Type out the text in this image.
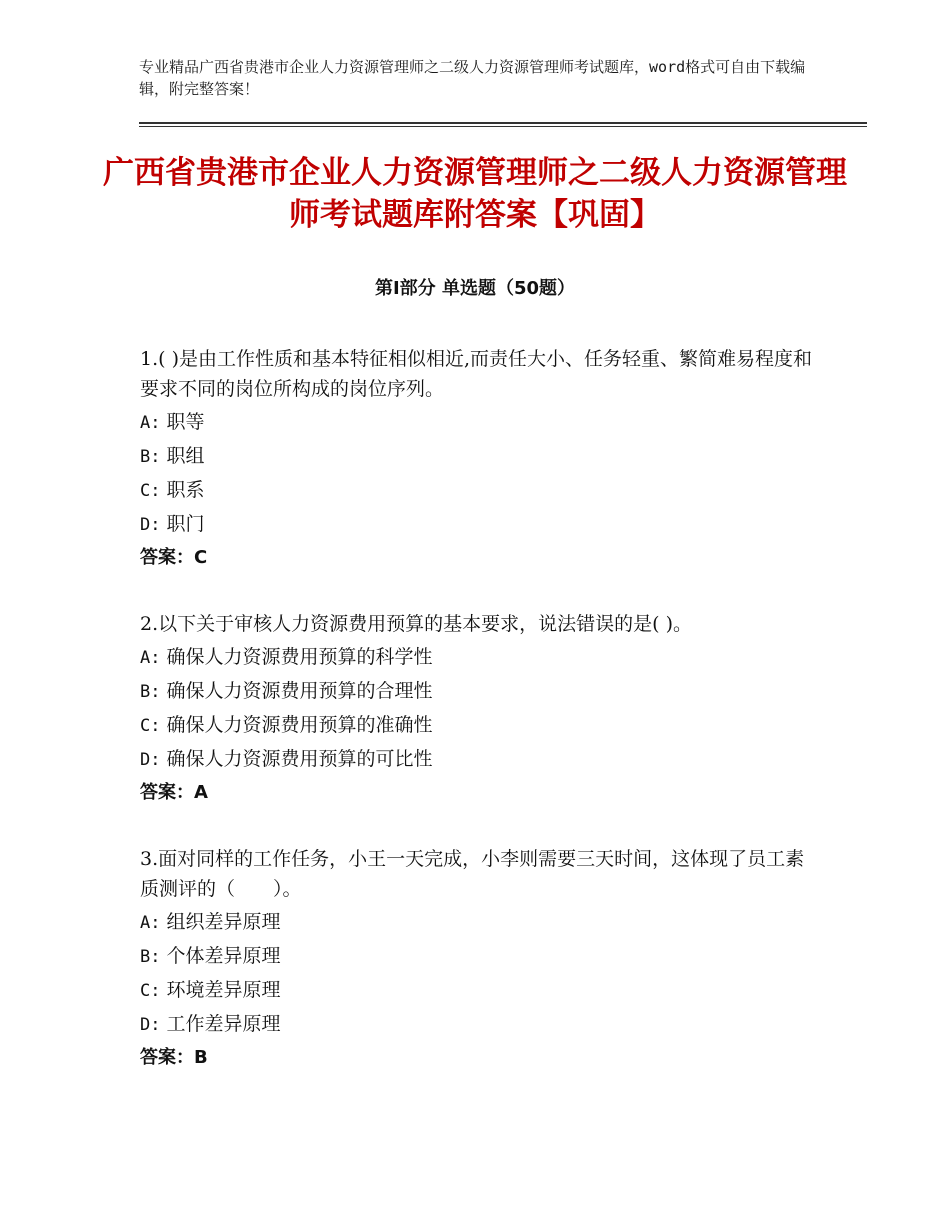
专业精品广西省贵港市企业人力资源管理师之二级人力资源管理师考试题库，word格式可自由下载编辑，附完整答案！
广西省贵港市企业人力资源管理师之二级人力资源管理师考试题库附答案【巩固】
第Ⅰ部分 单选题（50题）

1.( )是由工作性质和基本特征相似相近,而责任大小、任务轻重、繁简难易程度和要求不同的岗位所构成的岗位序列。

A: 职等
B: 职组
C: 职系
D: 职门
答案：C

2.以下关于审核人力资源费用预算的基本要求，说法错误的是( )。

A: 确保人力资源费用预算的科学性
B: 确保人力资源费用预算的合理性
C: 确保人力资源费用预算的准确性
D: 确保人力资源费用预算的可比性
答案：A

3.面对同样的工作任务，小王一天完成，小李则需要三天时间，这体现了员工素质测评的（　　）。

A: 组织差异原理
B: 个体差异原理
C: 环境差异原理
D: 工作差异原理
答案：B
